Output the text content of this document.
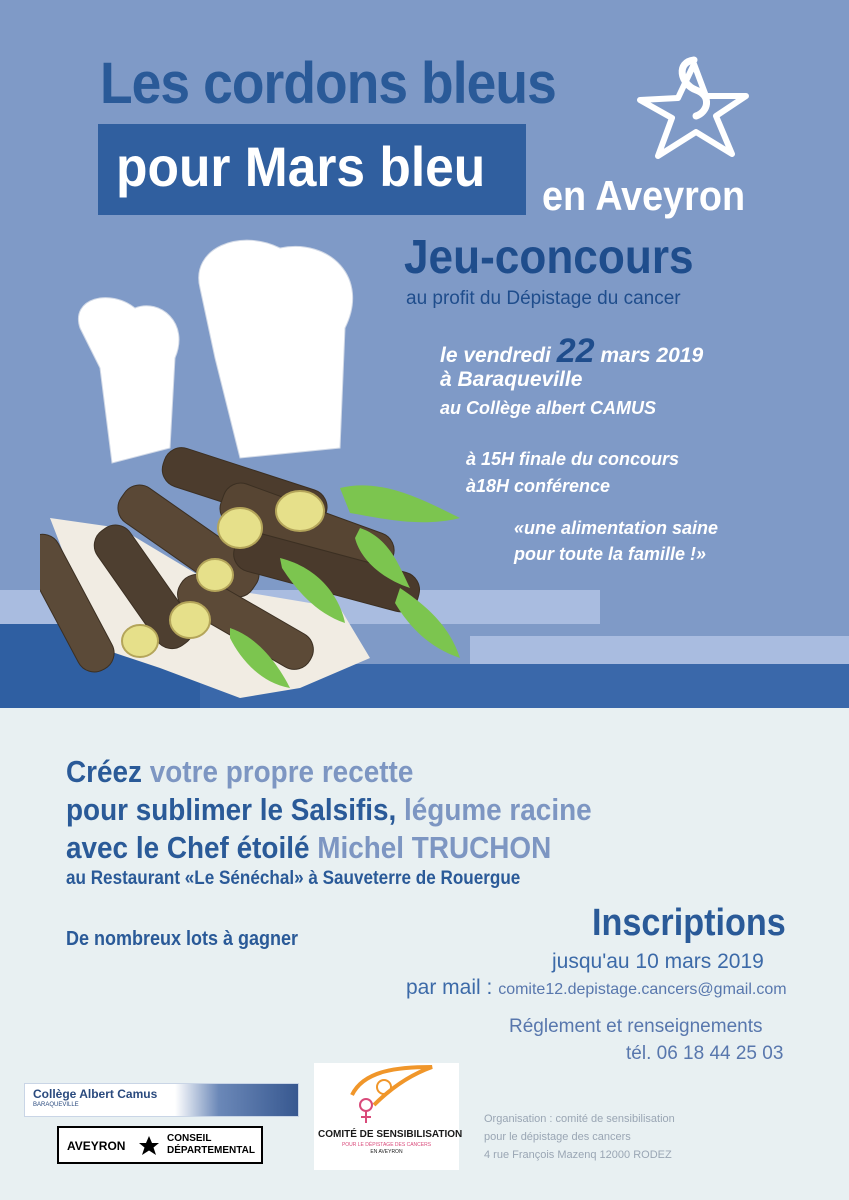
Les cordons bleus
pour Mars bleu en Aveyron
Jeu-concours
au profit du Dépistage du cancer
le vendredi 22 mars 2019
à Baraqueville
au Collège albert CAMUS
à 15H finale du concours
à18H conférence
«une alimentation saine
pour toute la famille !»
Créez votre propre recette
pour sublimer le Salsifis, légume racine
avec le Chef étoilé Michel TRUCHON
au Restaurant «Le Sénéchal» à Sauveterre de Rouergue
De nombreux lots à gagner	Inscriptions
jusqu'au 10 mars 2019
par mail : comite12.depistage.cancers@gmail.com
Réglement et renseignements
tél. 06 18 44 25 03
Collège Albert Camus
BARAQUEVILLE
AVEYRON
CONSEIL
DÉPARTEMENTAL
COMITÉ DE SENSIBILISATION
POUR LE DÉPISTAGE DES CANCERS
EN AVEYRON
Organisation : comité de sensibilisation
pour le dépistage des cancers
4 rue François Mazenq 12000 RODEZ
